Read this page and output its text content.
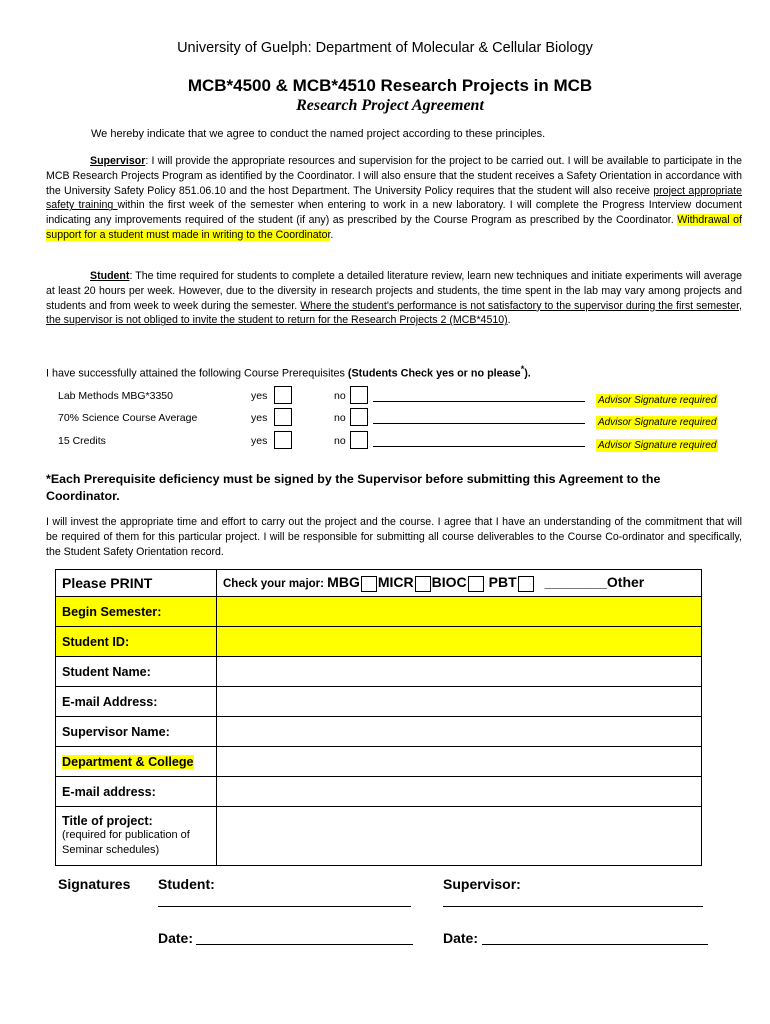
University of Guelph: Department of Molecular & Cellular Biology
MCB*4500 & MCB*4510 Research Projects in MCB
Research Project Agreement
We hereby indicate that we agree to conduct the named project according to these principles.
Supervisor: I will provide the appropriate resources and supervision for the project to be carried out. I will be available to participate in the MCB Research Projects Program as identified by the Coordinator. I will also ensure that the student receives a Safety Orientation in accordance with the University Safety Policy 851.06.10 and the host Department. The University Policy requires that the student will also receive project appropriate safety training within the first week of the semester when entering to work in a new laboratory. I will complete the Progress Interview document indicating any improvements required of the student (if any) as prescribed by the Course Program as prescribed by the Coordinator. Withdrawal of support for a student must made in writing to the Coordinator.
Student: The time required for students to complete a detailed literature review, learn new techniques and initiate experiments will average at least 20 hours per week. However, due to the diversity in research projects and students, the time spent in the lab may vary among projects and students and from week to week during the semester. Where the student's performance is not satisfactory to the supervisor during the first semester, the supervisor is not obliged to invite the student to return for the Research Projects 2 (MCB*4510).
I have successfully attained the following Course Prerequisites (Students Check yes or no please*).
Lab Methods MBG*3350	yes	no	Advisor Signature required
70% Science Course Average	yes	no	Advisor Signature required
15 Credits	yes	no	Advisor Signature required
*Each Prerequisite deficiency must be signed by the Supervisor before submitting this Agreement to the Coordinator.
I will invest the appropriate time and effort to carry out the project and the course. I agree that I have an understanding of the commitment that will be required of them for this particular project. I will be responsible for submitting all course deliverables to the Course Co-ordinator and specifically, the Student Safety Orientation record.
Please PRINT	Check your major: MBG MICR BIOC PBT ________Other
Begin Semester:	
Student ID:	
Student Name:	
E-mail Address:	
Supervisor Name:	
Department & College	
E-mail address:	

Title of project:
(required for publication of Seminar schedules)	

Signatures Student:	Supervisor:
Date:	Date:
